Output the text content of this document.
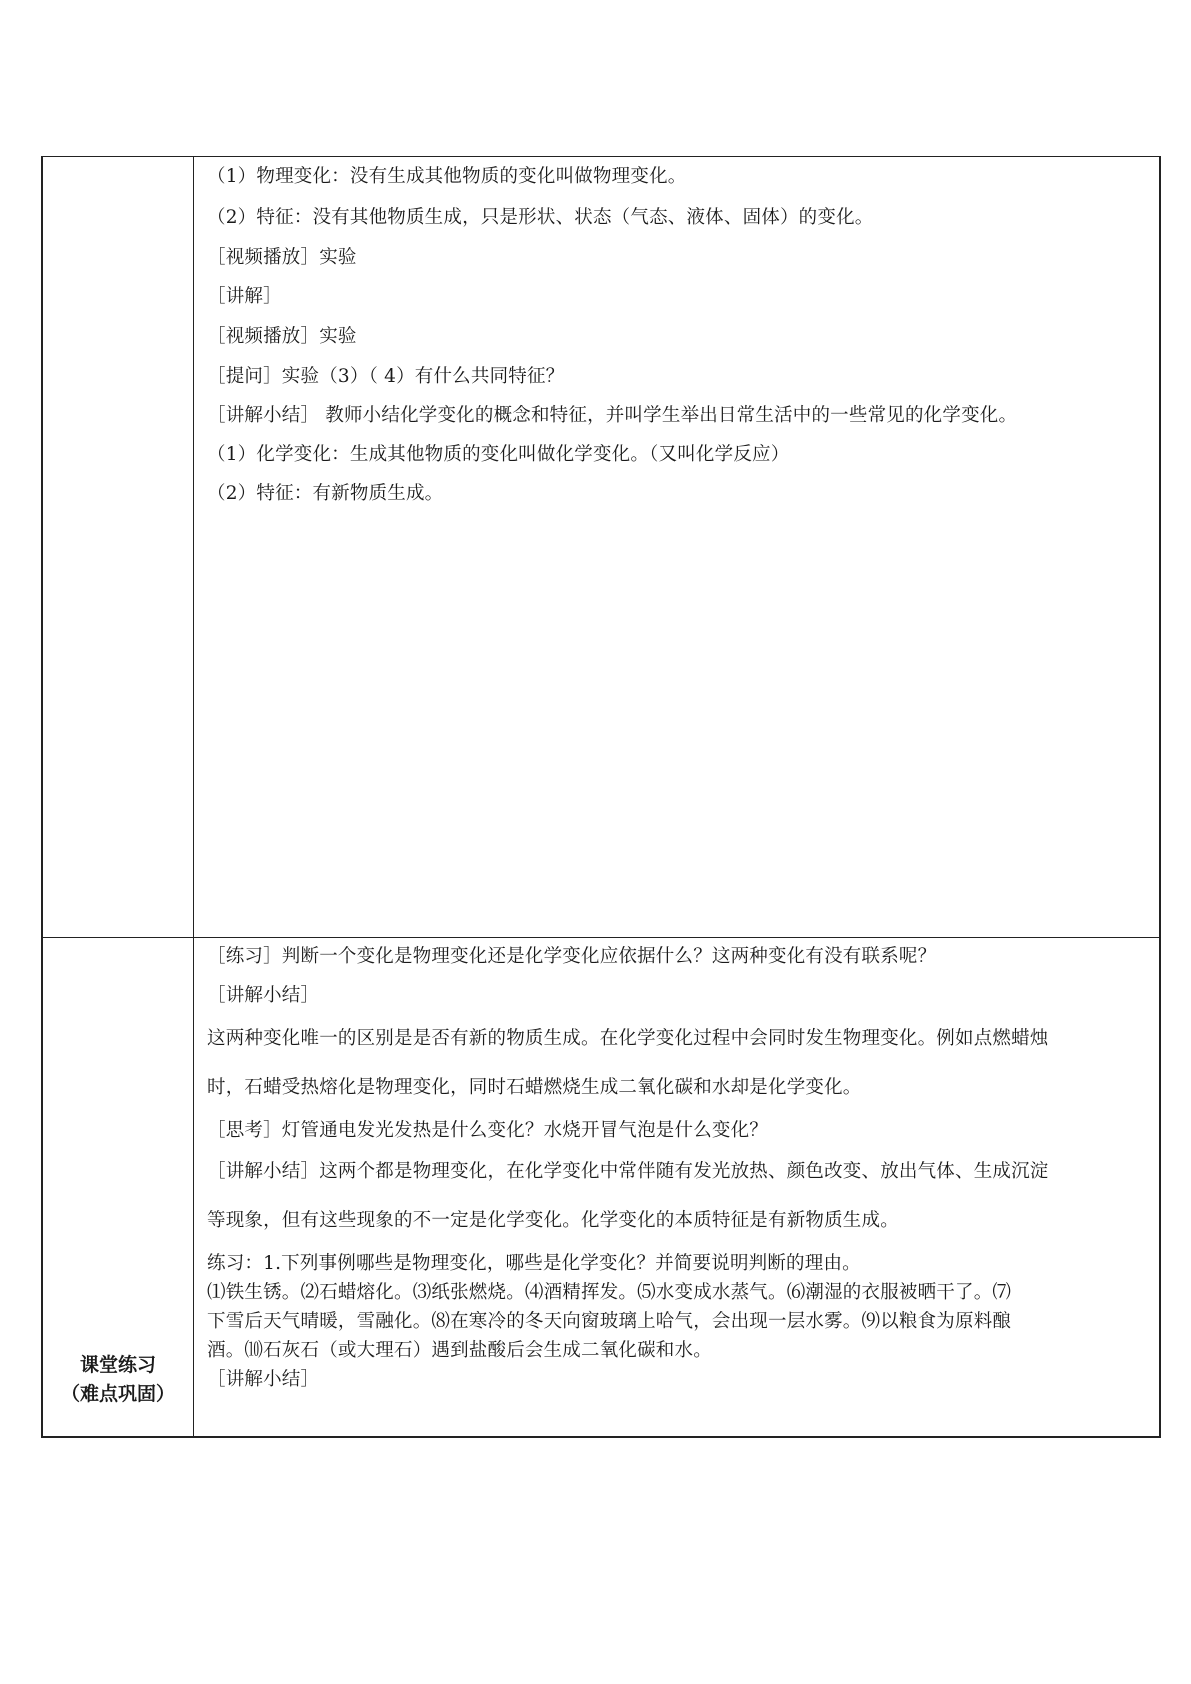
（1）物理变化：没有生成其他物质的变化叫做物理变化。
（2）特征：没有其他物质生成，只是形状、状态（气态、液体、固体）的变化。
［视频播放］实验
［讲解］
［视频播放］实验
［提问］实验（3）（ 4）有什么共同特征？
［讲解小结］ 教师小结化学变化的概念和特征，并叫学生举出日常生活中的一些常见的化学变化。
（1）化学变化：生成其他物质的变化叫做化学变化。（又叫化学反应）
（2）特征：有新物质生成。
课堂练习
（难点巩固）
［练习］判断一个变化是物理变化还是化学变化应依据什么？这两种变化有没有联系呢？
［讲解小结］
这两种变化唯一的区别是是否有新的物质生成。在化学变化过程中会同时发生物理变化。例如点燃蜡烛
时，石蜡受热熔化是物理变化，同时石蜡燃烧生成二氧化碳和水却是化学变化。
［思考］灯管通电发光发热是什么变化？水烧开冒气泡是什么变化？
［讲解小结］这两个都是物理变化，在化学变化中常伴随有发光放热、颜色改变、放出气体、生成沉淀
等现象，但有这些现象的不一定是化学变化。化学变化的本质特征是有新物质生成。
练习：1.下列事例哪些是物理变化，哪些是化学变化？并简要说明判断的理由。
⑴铁生锈。⑵石蜡熔化。⑶纸张燃烧。⑷酒精挥发。⑸水变成水蒸气。⑹潮湿的衣服被晒干了。⑺
下雪后天气晴暖，雪融化。⑻在寒冷的冬天向窗玻璃上哈气，会出现一层水雾。⑼以粮食为原料酿
酒。⑽石灰石（或大理石）遇到盐酸后会生成二氧化碳和水。
［讲解小结］
